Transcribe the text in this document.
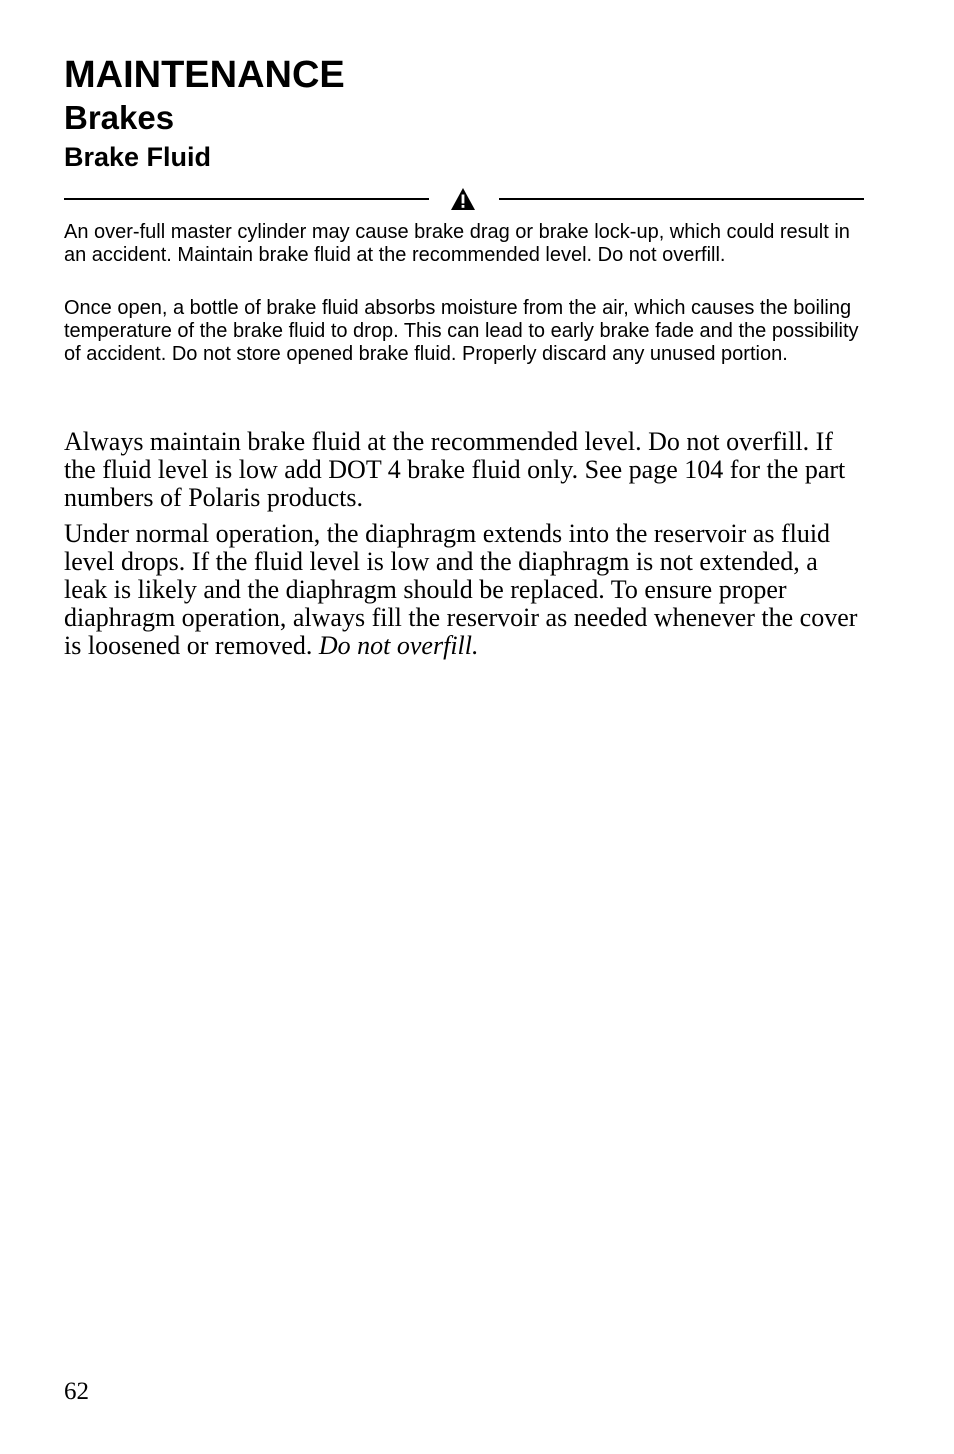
MAINTENANCE
Brakes
Brake Fluid

An over-full master cylinder may cause brake drag or brake lock-up, which could result in an accident. Maintain brake fluid at the recommended level. Do not overfill.

Once open, a bottle of brake fluid absorbs moisture from the air, which causes the boiling temperature of the brake fluid to drop. This can lead to early brake fade and the possibility of accident. Do not store opened brake fluid. Properly discard any unused portion.

Always maintain brake fluid at the recommended level. Do not overfill. If the fluid level is low add DOT 4 brake fluid only. See page 104 for the part numbers of Polaris products.

Under normal operation, the diaphragm extends into the reservoir as fluid level drops. If the fluid level is low and the diaphragm is not extended, a leak is likely and the diaphragm should be replaced. To ensure proper diaphragm operation, always fill the reservoir as needed whenever the cover is loosened or removed. Do not overfill.

62
